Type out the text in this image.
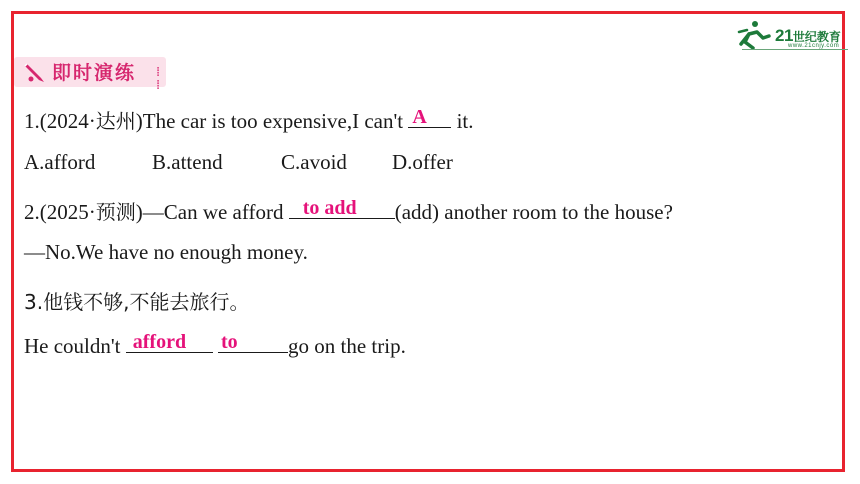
21世纪教育
www.21cnjy.com
即时演练 ⁞
⁞
1.(2024·达州)The car is too expensive,I can't A	it.
A.afford	B.attend	C.avoid D.offer
2.(2025·预测)—Can we afford to add	(add) another room to the house?
—No.We have no enough money.
3.他钱不够,不能去旅行。
He couldn't afford
	to	go on the trip.
